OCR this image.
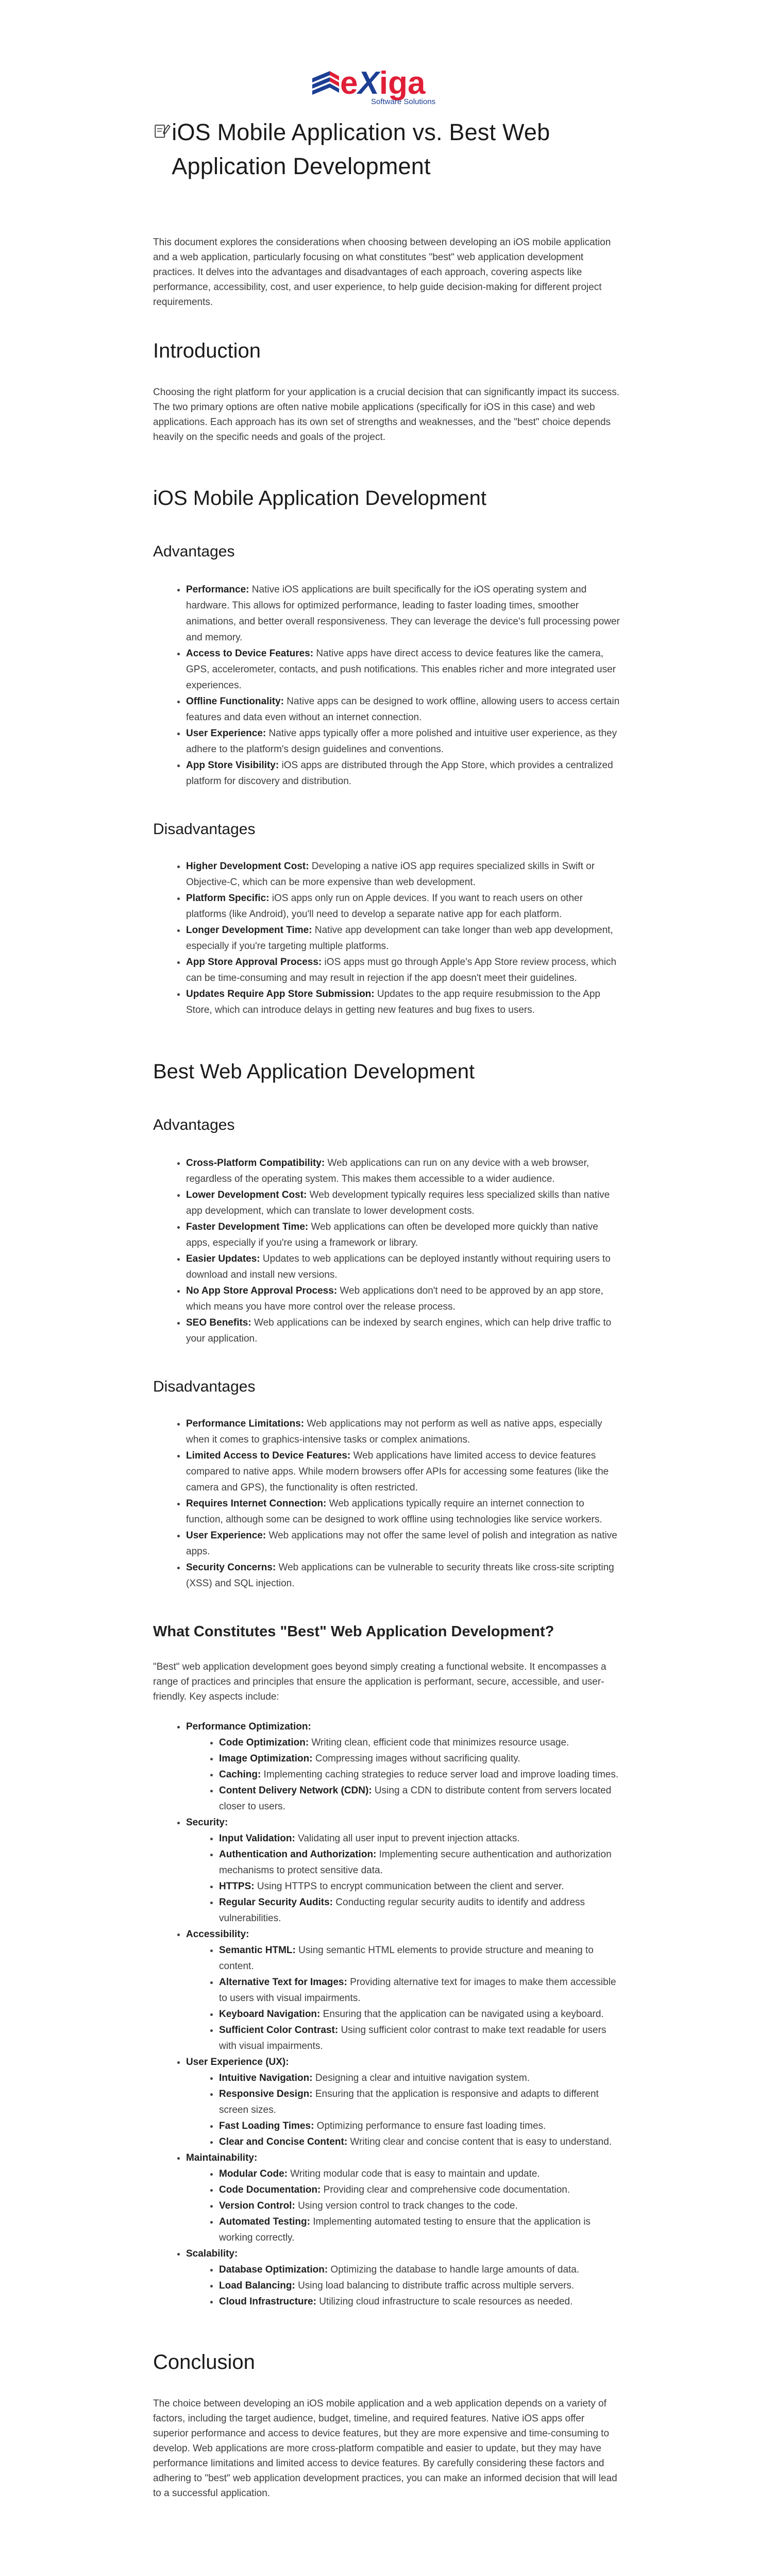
eXiga
Software Solutions
iOS Mobile Application vs. Best Web Application Development

This document explores the considerations when choosing between developing an iOS mobile application and a web application, particularly focusing on what constitutes "best" web application development practices. It delves into the advantages and disadvantages of each approach, covering aspects like performance, accessibility, cost, and user experience, to help guide decision-making for different project requirements.

Introduction

Choosing the right platform for your application is a crucial decision that can significantly impact its success. The two primary options are often native mobile applications (specifically for iOS in this case) and web applications. Each approach has its own set of strengths and weaknesses, and the "best" choice depends heavily on the specific needs and goals of the project.

iOS Mobile Application Development
Advantages
• Performance: Native iOS applications are built specifically for the iOS operating system and hardware. This allows for optimized performance, leading to faster loading times, smoother animations, and better overall responsiveness. They can leverage the device's full processing power and memory.
• Access to Device Features: Native apps have direct access to device features like the camera, GPS, accelerometer, contacts, and push notifications. This enables richer and more integrated user experiences.
• Offline Functionality: Native apps can be designed to work offline, allowing users to access certain features and data even without an internet connection.
• User Experience: Native apps typically offer a more polished and intuitive user experience, as they adhere to the platform's design guidelines and conventions.
• App Store Visibility: iOS apps are distributed through the App Store, which provides a centralized platform for discovery and distribution.
Disadvantages
• Higher Development Cost: Developing a native iOS app requires specialized skills in Swift or Objective-C, which can be more expensive than web development.
• Platform Specific: iOS apps only run on Apple devices. If you want to reach users on other platforms (like Android), you'll need to develop a separate native app for each platform.
• Longer Development Time: Native app development can take longer than web app development, especially if you're targeting multiple platforms.
• App Store Approval Process: iOS apps must go through Apple's App Store review process, which can be time-consuming and may result in rejection if the app doesn't meet their guidelines.
• Updates Require App Store Submission: Updates to the app require resubmission to the App Store, which can introduce delays in getting new features and bug fixes to users.
Best Web Application Development
Advantages
• Cross-Platform Compatibility: Web applications can run on any device with a web browser, regardless of the operating system. This makes them accessible to a wider audience.
• Lower Development Cost: Web development typically requires less specialized skills than native app development, which can translate to lower development costs.
• Faster Development Time: Web applications can often be developed more quickly than native apps, especially if you're using a framework or library.
• Easier Updates: Updates to web applications can be deployed instantly without requiring users to download and install new versions.
• No App Store Approval Process: Web applications don't need to be approved by an app store, which means you have more control over the release process.
• SEO Benefits: Web applications can be indexed by search engines, which can help drive traffic to your application.
Disadvantages
• Performance Limitations: Web applications may not perform as well as native apps, especially when it comes to graphics-intensive tasks or complex animations.
• Limited Access to Device Features: Web applications have limited access to device features compared to native apps. While modern browsers offer APIs for accessing some features (like the camera and GPS), the functionality is often restricted.
• Requires Internet Connection: Web applications typically require an internet connection to function, although some can be designed to work offline using technologies like service workers.
• User Experience: Web applications may not offer the same level of polish and integration as native apps.
• Security Concerns: Web applications can be vulnerable to security threats like cross-site scripting (XSS) and SQL injection.
What Constitutes "Best" Web Application Development?

"Best" web application development goes beyond simply creating a functional website. It encompasses a range of practices and principles that ensure the application is performant, secure, accessible, and user-friendly. Key aspects include:

• Performance Optimization:
• Code Optimization: Writing clean, efficient code that minimizes resource usage.
• Image Optimization: Compressing images without sacrificing quality.
• Caching: Implementing caching strategies to reduce server load and improve loading times.
• Content Delivery Network (CDN): Using a CDN to distribute content from servers located closer to users.
• Security:
• Input Validation: Validating all user input to prevent injection attacks.
• Authentication and Authorization: Implementing secure authentication and authorization mechanisms to protect sensitive data.
• HTTPS: Using HTTPS to encrypt communication between the client and server.
• Regular Security Audits: Conducting regular security audits to identify and address vulnerabilities.
• Accessibility:
• Semantic HTML: Using semantic HTML elements to provide structure and meaning to content.
• Alternative Text for Images: Providing alternative text for images to make them accessible to users with visual impairments.
• Keyboard Navigation: Ensuring that the application can be navigated using a keyboard.
• Sufficient Color Contrast: Using sufficient color contrast to make text readable for users with visual impairments.
• User Experience (UX):
• Intuitive Navigation: Designing a clear and intuitive navigation system.
• Responsive Design: Ensuring that the application is responsive and adapts to different screen sizes.
• Fast Loading Times: Optimizing performance to ensure fast loading times.
• Clear and Concise Content: Writing clear and concise content that is easy to understand.
• Maintainability:
• Modular Code: Writing modular code that is easy to maintain and update.
• Code Documentation: Providing clear and comprehensive code documentation.
• Version Control: Using version control to track changes to the code.
• Automated Testing: Implementing automated testing to ensure that the application is working correctly.
• Scalability:
• Database Optimization: Optimizing the database to handle large amounts of data.
• Load Balancing: Using load balancing to distribute traffic across multiple servers.
• Cloud Infrastructure: Utilizing cloud infrastructure to scale resources as needed.
Conclusion

The choice between developing an iOS mobile application and a web application depends on a variety of factors, including the target audience, budget, timeline, and required features. Native iOS apps offer superior performance and access to device features, but they are more expensive and time-consuming to develop. Web applications are more cross-platform compatible and easier to update, but they may have performance limitations and limited access to device features. By carefully considering these factors and adhering to "best" web application development practices, you can make an informed decision that will lead to a successful application.
